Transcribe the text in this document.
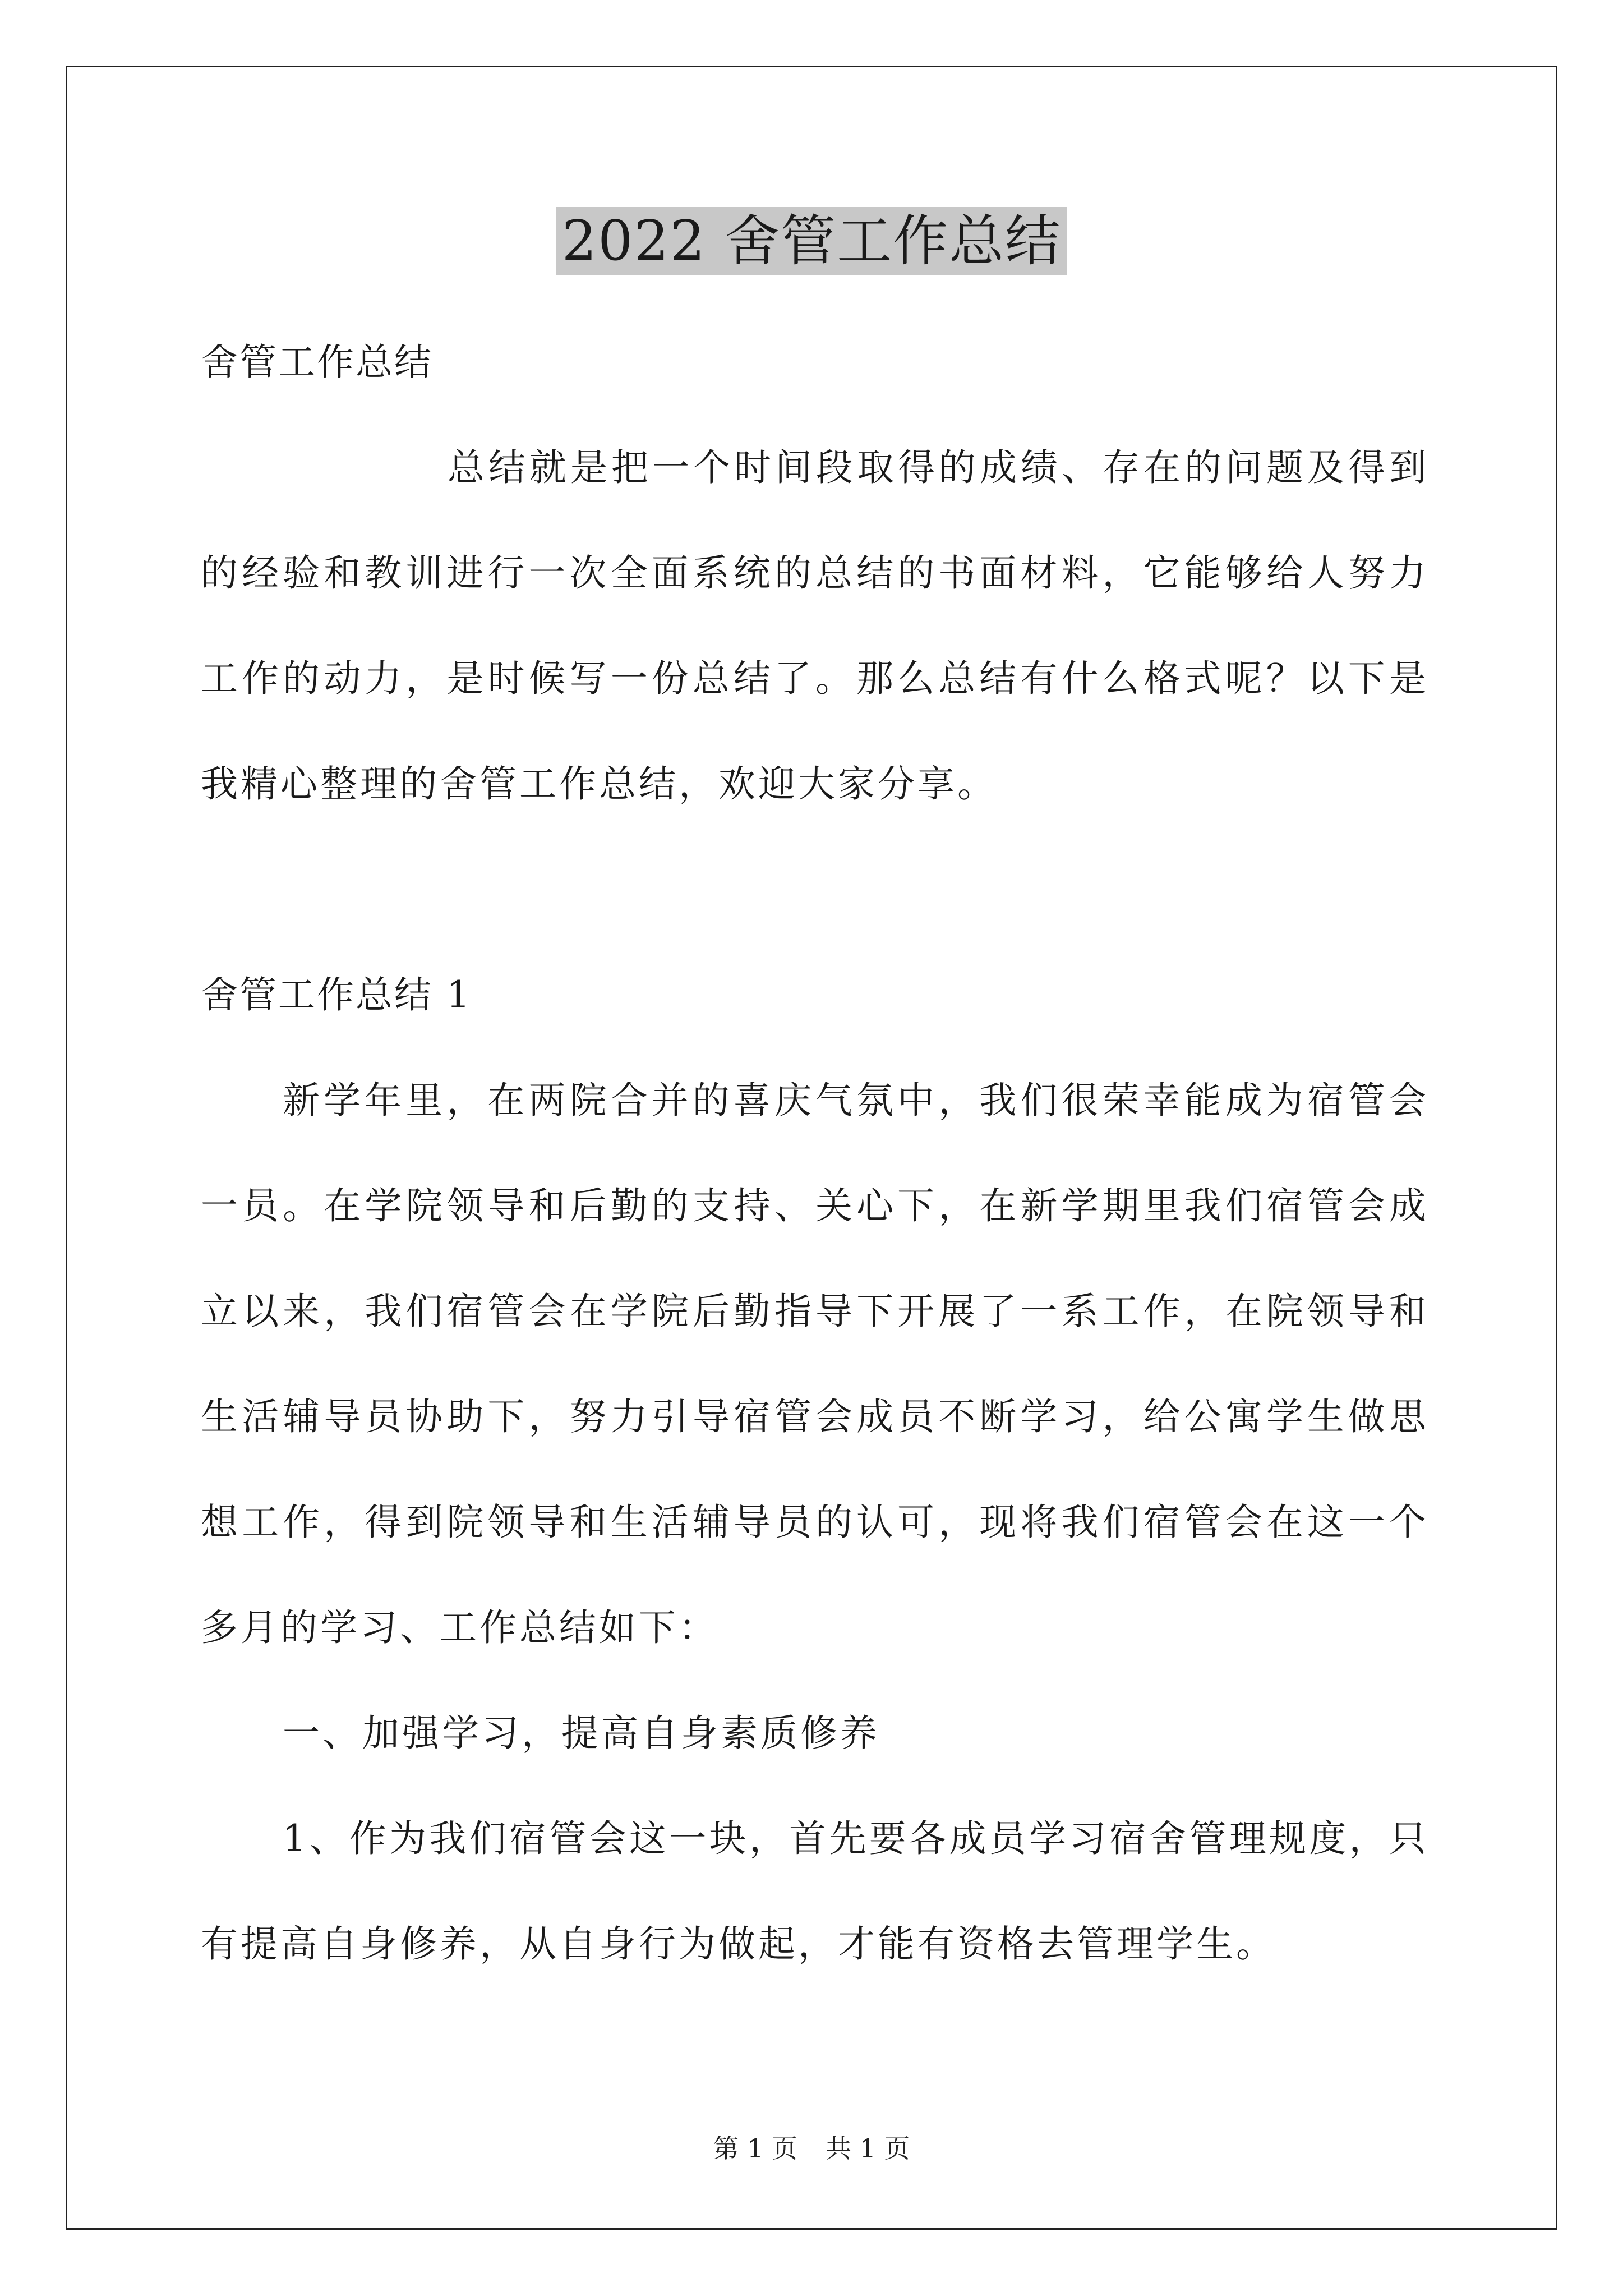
2022 舍管工作总结

舍管工作总结

总结就是把一个时间段取得的成绩、存在的问题及得到的经验和教训进行一次全面系统的总结的书面材料，它能够给人努力工作的动力，是时候写一份总结了。那么总结有什么格式呢？以下是我精心整理的舍管工作总结，欢迎大家分享。

舍管工作总结 1

新学年里，在两院合并的喜庆气氛中，我们很荣幸能成为宿管会一员。在学院领导和后勤的支持、关心下，在新学期里我们宿管会成立以来，我们宿管会在学院后勤指导下开展了一系工作，在院领导和生活辅导员协助下，努力引导宿管会成员不断学习，给公寓学生做思想工作，得到院领导和生活辅导员的认可，现将我们宿管会在这一个多月的学习、工作总结如下：

一、加强学习，提高自身素质修养

1、作为我们宿管会这一块，首先要各成员学习宿舍管理规度，只有提高自身修养，从自身行为做起，才能有资格去管理学生。

第 1 页 共 1 页
